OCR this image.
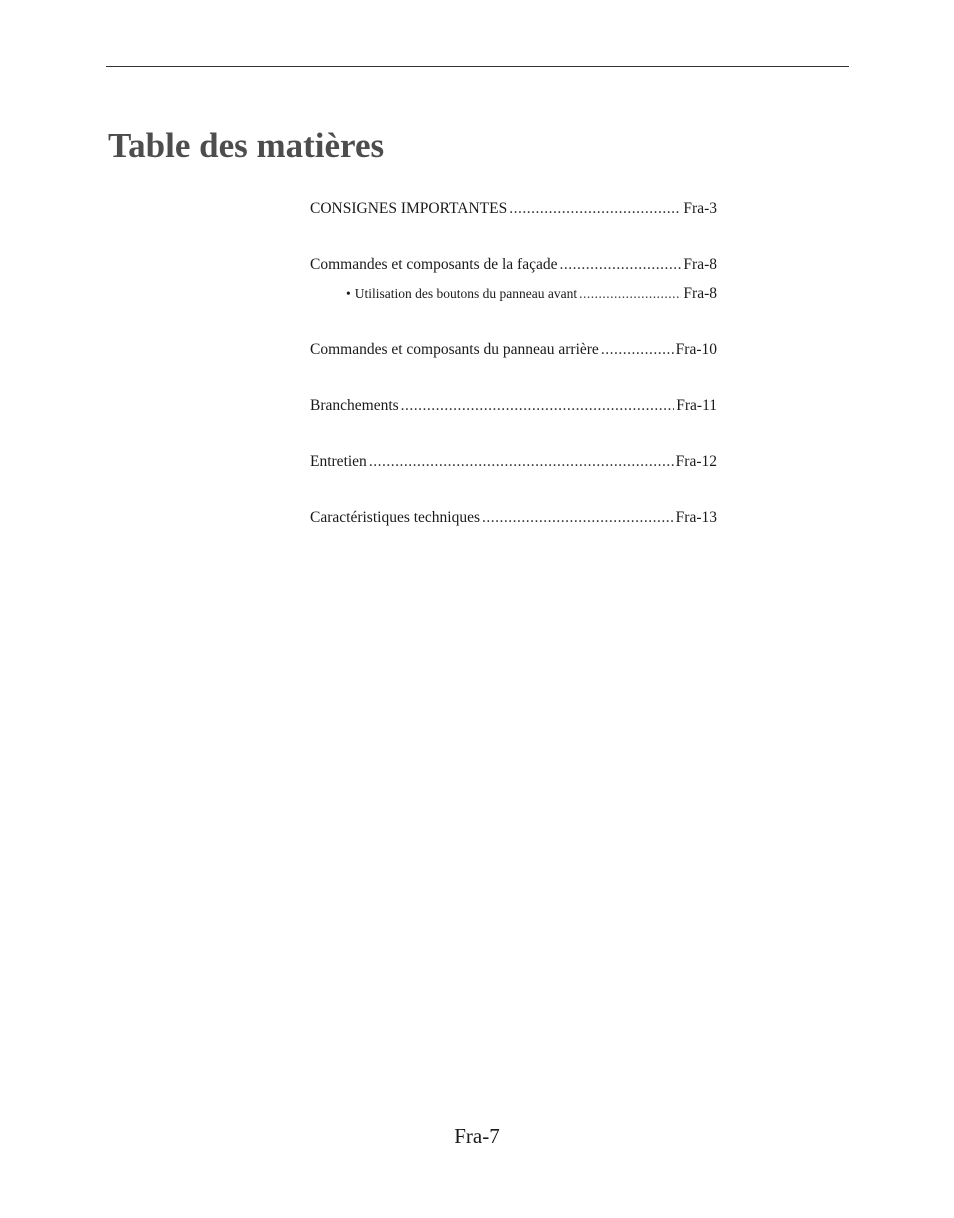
Table des matières
CONSIGNES IMPORTANTES .....	Fra-3
Commandes et composants de la façade .....	Fra-8
• Utilisation des boutons du panneau avant .....	Fra-8
Commandes et composants du panneau arrière .....	Fra-10
Branchements .....	Fra-11
Entretien .....	Fra-12
Caractéristiques techniques .....	Fra-13
Fra-7
